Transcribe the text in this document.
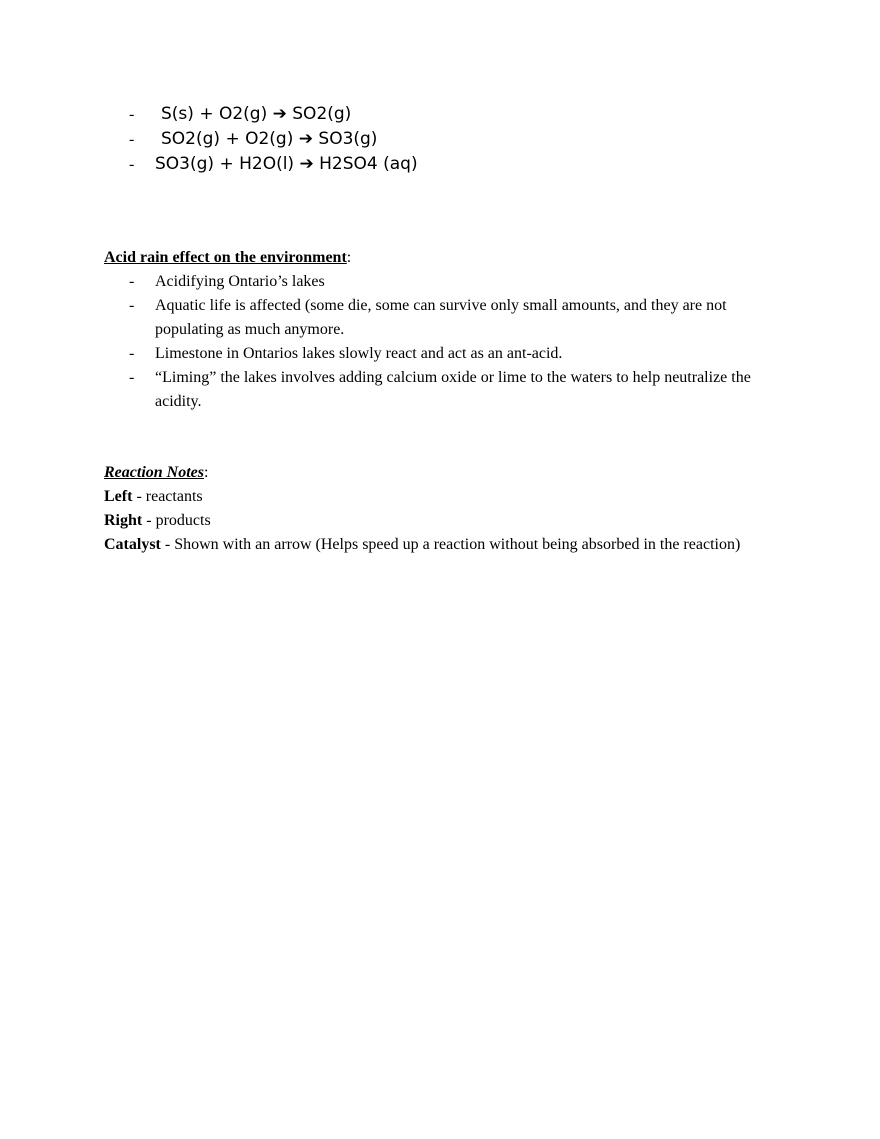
- S(s) + O2(g) ➔ SO2(g)
- SO2(g) + O2(g) ➔ SO3(g)
- SO3(g) + H2O(l) ➔ H2SO4 (aq)
Acid rain effect on the environment:
- Acidifying Ontario’s lakes
- Aquatic life is affected (some die, some can survive only small amounts, and they are not populating as much anymore.
- Limestone in Ontarios lakes slowly react and act as an ant-acid.
- “Liming” the lakes involves adding calcium oxide or lime to the waters to help neutralize the acidity.
Reaction Notes:
Left - reactants
Right - products
Catalyst - Shown with an arrow (Helps speed up a reaction without being absorbed in the reaction)
